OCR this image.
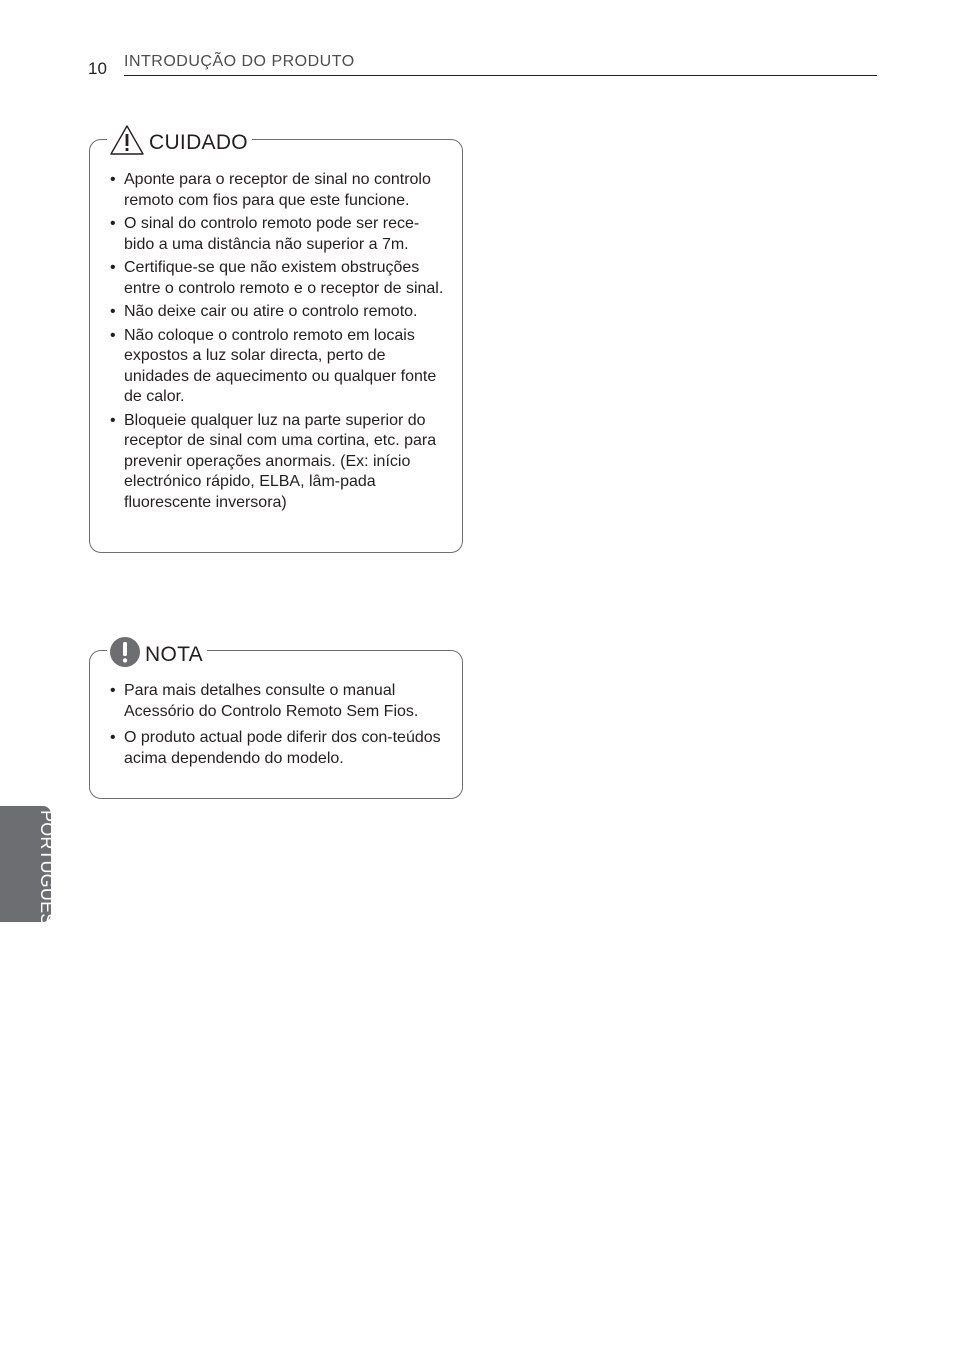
10 INTRODUÇÃO DO PRODUTO
CUIDADO
• Aponte para o receptor de sinal no controlo remoto com fios para que este funcione.
• O sinal do controlo remoto pode ser rece-bido a uma distância não superior a 7m.
• Certifique-se que não existem obstruções entre o controlo remoto e o receptor de sinal.
• Não deixe cair ou atire o controlo remoto.
• Não coloque o controlo remoto em locais expostos a luz solar directa, perto de unidades de aquecimento ou qualquer fonte de calor.
• Bloqueie qualquer luz na parte superior do receptor de sinal com uma cortina, etc. para prevenir operações anormais. (Ex: início electrónico rápido, ELBA, lâm-pada fluorescente inversora)
NOTA
• Para mais detalhes consulte o manual Acessório do Controlo Remoto Sem Fios.
• O produto actual pode diferir dos con-teúdos acima dependendo do modelo.
PORTUGUESE
